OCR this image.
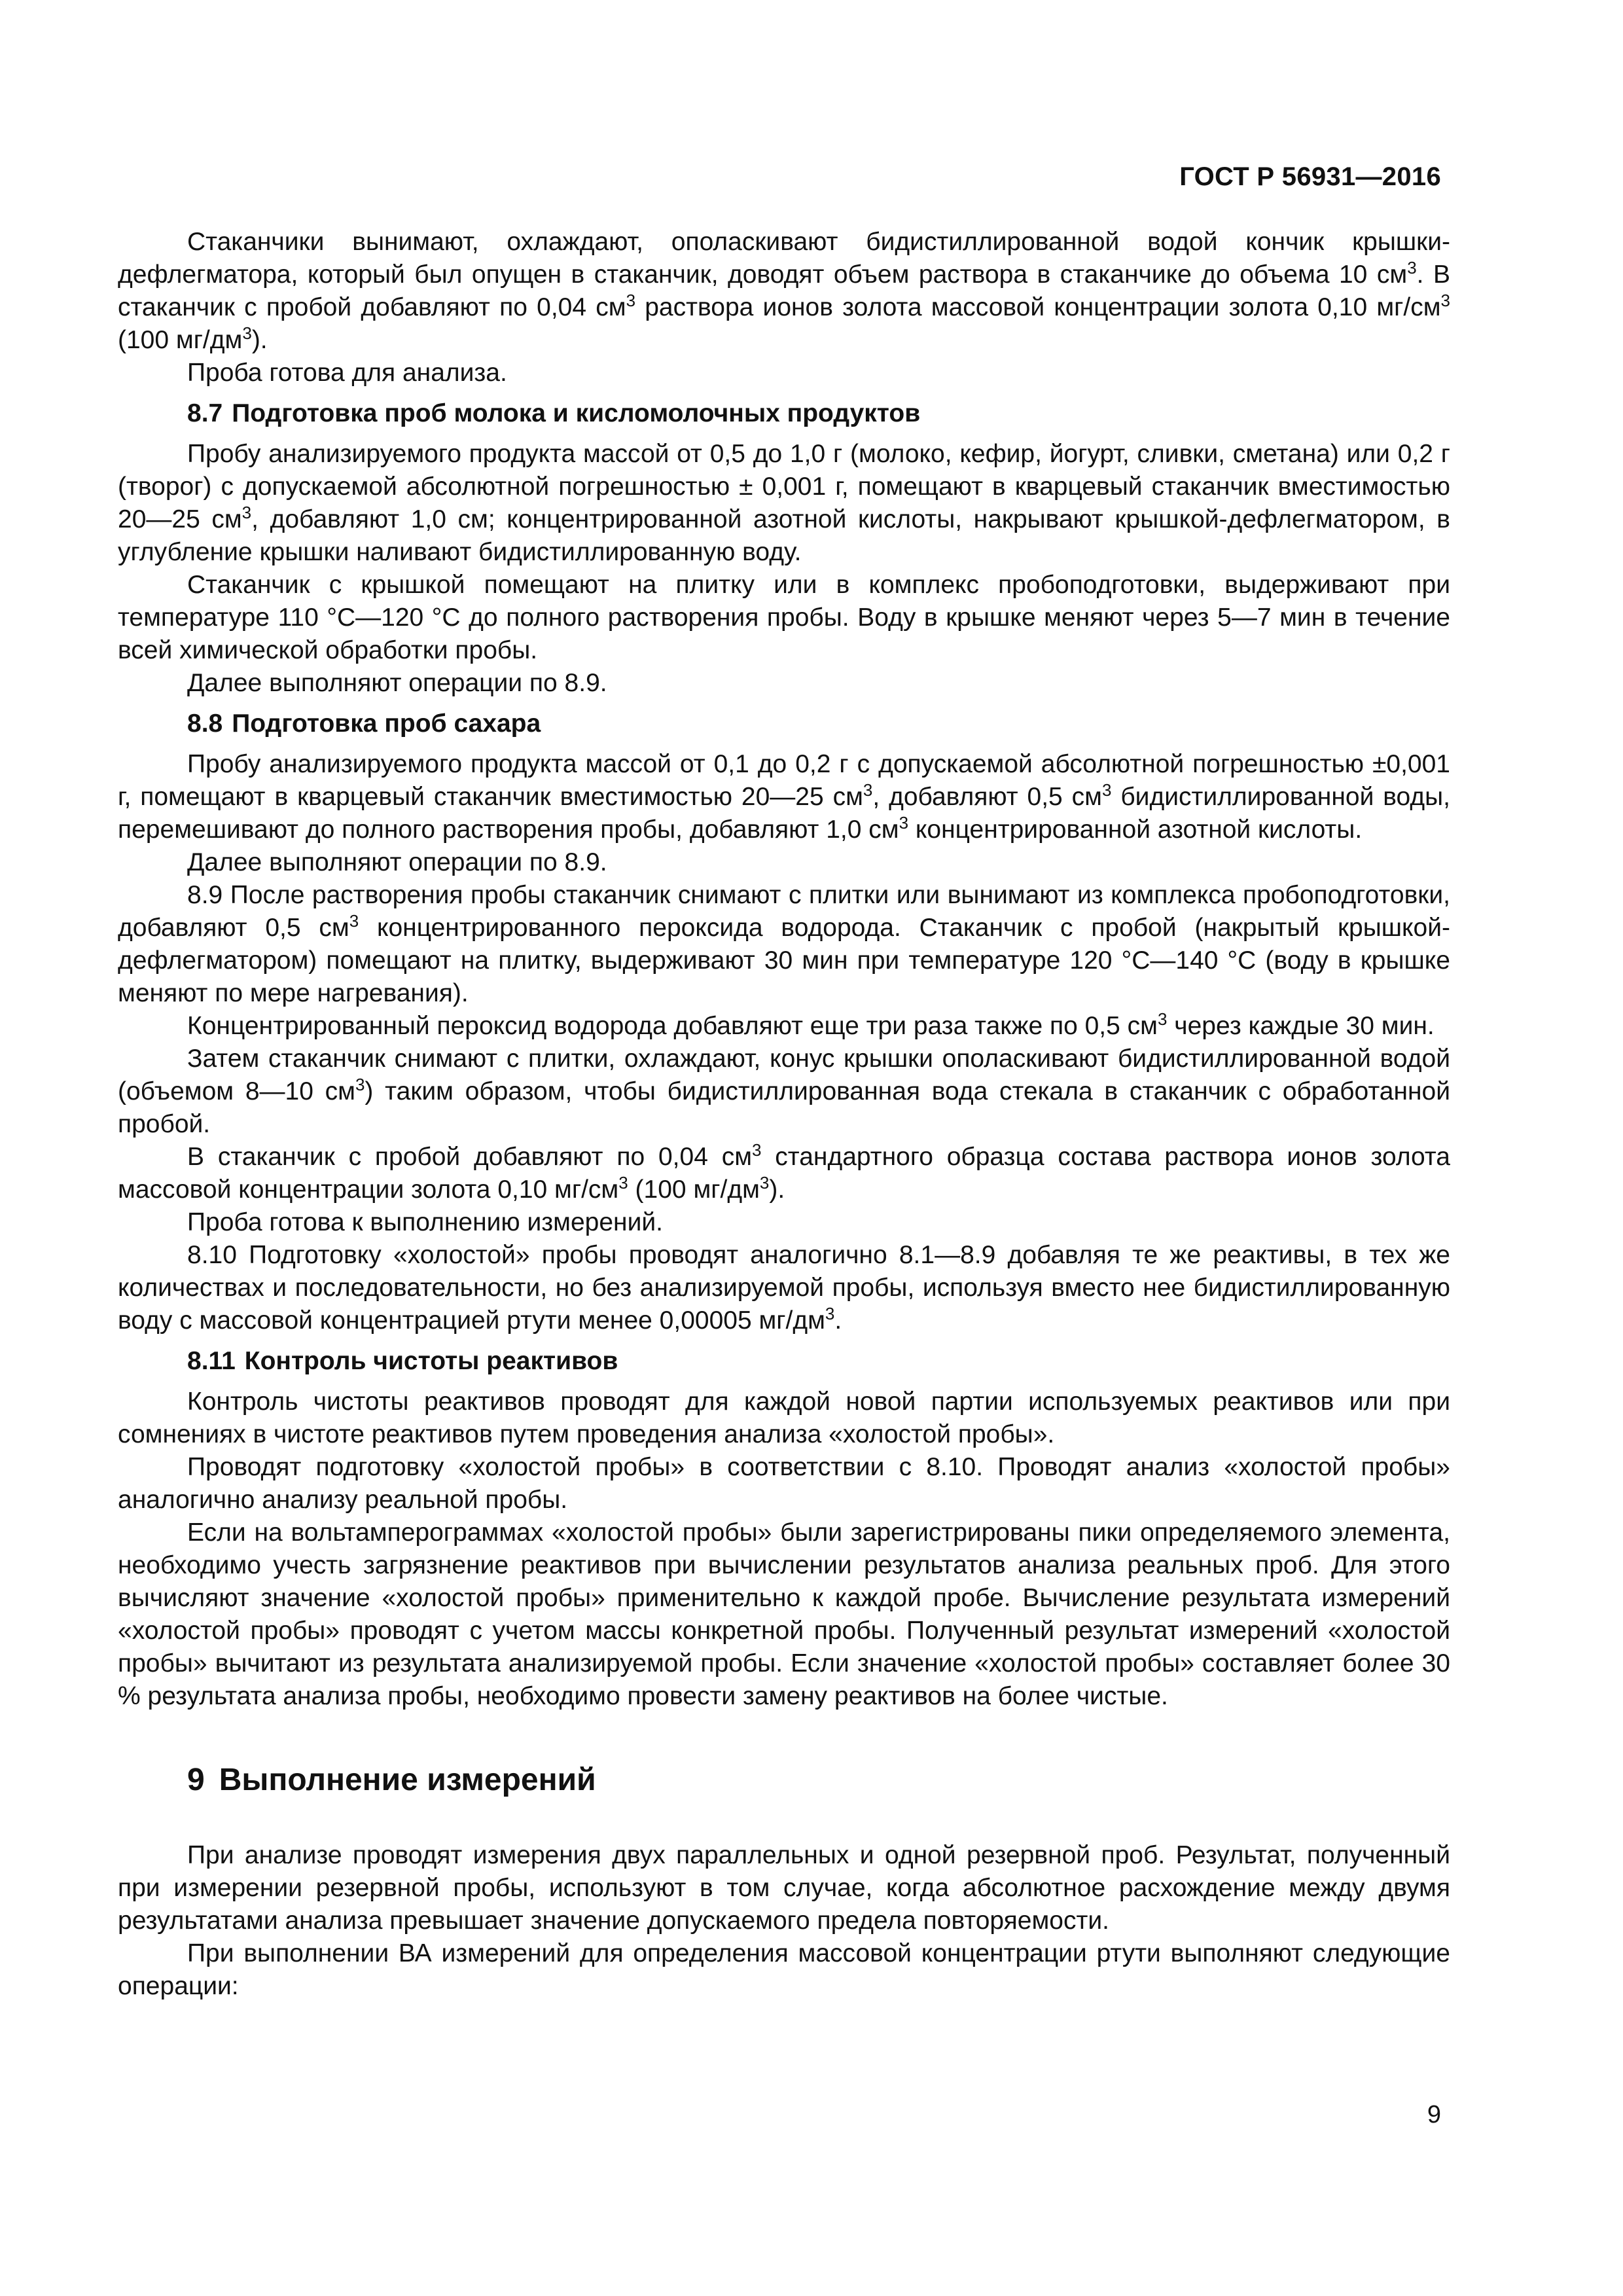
ГОСТ Р 56931—2016

Стаканчики вынимают, охлаждают, ополаскивают бидистиллированной водой кончик крышки-дефлегматора, который был опущен в стаканчик, доводят объем раствора в стаканчике до объема 10 $см^3$. В стаканчик с пробой добавляют по 0,04 $см^3$ раствора ионов золота массовой концентрации золота 0,10 $мг/см^3$ (100 $мг/дм^3$).

Проба готова для анализа.

8.7 Подготовка проб молока и кисломолочных продуктов

Пробу анализируемого продукта массой от 0,5 до 1,0 г (молоко, кефир, йогурт, сливки, сметана) или 0,2 г (творог) с допускаемой абсолютной погрешностью ± 0,001 г, помещают в кварцевый стаканчик вместимостью 20—25 $см^3$, добавляют 1,0 см; концентрированной азотной кислоты, накрывают крышкой-дефлегматором, в углубление крышки наливают бидистиллированную воду.

Стаканчик с крышкой помещают на плитку или в комплекс пробоподготовки, выдерживают при температуре 110 °С—120 °С до полного растворения пробы. Воду в крышке меняют через 5—7 мин в течение всей химической обработки пробы.

Далее выполняют операции по 8.9.

8.8 Подготовка проб сахара

Пробу анализируемого продукта массой от 0,1 до 0,2 г с допускаемой абсолютной погрешностью ±0,001 г, помещают в кварцевый стаканчик вместимостью 20—25 $см^3$, добавляют 0,5 $см^3$ бидистиллированной воды, перемешивают до полного растворения пробы, добавляют 1,0 $см^3$ концентрированной азотной кислоты.

Далее выполняют операции по 8.9.

8.9 После растворения пробы стаканчик снимают с плитки или вынимают из комплекса пробоподготовки, добавляют 0,5 $см^3$ концентрированного пероксида водорода. Стаканчик с пробой (накрытый крышкой-дефлегматором) помещают на плитку, выдерживают 30 мин при температуре 120 °С—140 °С (воду в крышке меняют по мере нагревания).

Концентрированный пероксид водорода добавляют еще три раза также по 0,5 $см^3$ через каждые 30 мин.

Затем стаканчик снимают с плитки, охлаждают, конус крышки ополаскивают бидистиллированной водой (объемом 8—10 $см^3$) таким образом, чтобы бидистиллированная вода стекала в стаканчик с обработанной пробой.

В стаканчик с пробой добавляют по 0,04 $см^3$ стандартного образца состава раствора ионов золота массовой концентрации золота 0,10 $мг/см^3$ (100 $мг/дм^3$).

Проба готова к выполнению измерений.

8.10 Подготовку «холостой» пробы проводят аналогично 8.1—8.9 добавляя те же реактивы, в тех же количествах и последовательности, но без анализируемой пробы, используя вместо нее бидистиллированную воду с массовой концентрацией ртути менее 0,00005 $мг/дм^3$.

8.11 Контроль чистоты реактивов

Контроль чистоты реактивов проводят для каждой новой партии используемых реактивов или при сомнениях в чистоте реактивов путем проведения анализа «холостой пробы».

Проводят подготовку «холостой пробы» в соответствии с 8.10. Проводят анализ «холостой пробы» аналогично анализу реальной пробы.

Если на вольтамперограммах «холостой пробы» были зарегистрированы пики определяемого элемента, необходимо учесть загрязнение реактивов при вычислении результатов анализа реальных проб. Для этого вычисляют значение «холостой пробы» применительно к каждой пробе. Вычисление результата измерений «холостой пробы» проводят с учетом массы конкретной пробы. Полученный результат измерений «холостой пробы» вычитают из результата анализируемой пробы. Если значение «холостой пробы» составляет более 30 % результата анализа пробы, необходимо провести замену реактивов на более чистые.

9 Выполнение измерений

При анализе проводят измерения двух параллельных и одной резервной проб. Результат, полученный при измерении резервной пробы, используют в том случае, когда абсолютное расхождение между двумя результатами анализа превышает значение допускаемого предела повторяемости.

При выполнении ВА измерений для определения массовой концентрации ртути выполняют следующие операции:

9
